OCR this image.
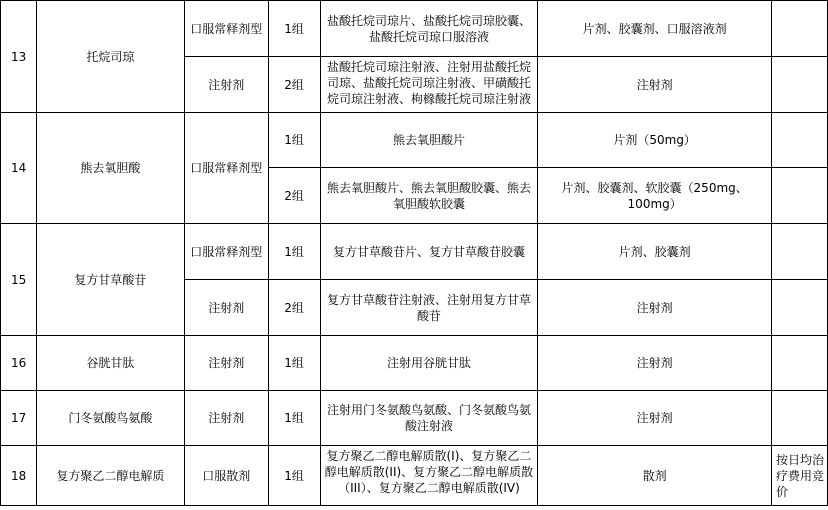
13	托烷司琼	口服常释剂型	1组	盐酸托烷司琼片、盐酸托烷司琼胶囊、盐酸托烷司琼口服溶液	片剂、胶囊剂、口服溶液剂	
		注射剂	2组	盐酸托烷司琼注射液、注射用盐酸托烷司琼、盐酸托烷司琼注射液、甲磺酸托烷司琼注射液、枸橼酸托烷司琼注射液	注射剂	
14	熊去氧胆酸	口服常释剂型	1组	熊去氧胆酸片	片剂（50mg）	
			2组	熊去氧胆酸片、熊去氧胆酸胶囊、熊去氧胆酸软胶囊	片剂、胶囊剂、软胶囊（250mg、100mg）	
15	复方甘草酸苷	口服常释剂型	1组	复方甘草酸苷片、复方甘草酸苷胶囊	片剂、胶囊剂	
		注射剂	2组	复方甘草酸苷注射液、注射用复方甘草酸苷	注射剂	
16	谷胱甘肽	注射剂	1组	注射用谷胱甘肽	注射剂	
17	门冬氨酸鸟氨酸	注射剂	1组	注射用门冬氨酸鸟氨酸、门冬氨酸鸟氨酸注射液	注射剂	
18	复方聚乙二醇电解质	口服散剂	1组	复方聚乙二醇电解质散(I)、复方聚乙二醇电解质散(II)、复方聚乙二醇电解质散（III）、复方聚乙二醇电解质散(IV)	散剂	按日均治疗费用竞价
